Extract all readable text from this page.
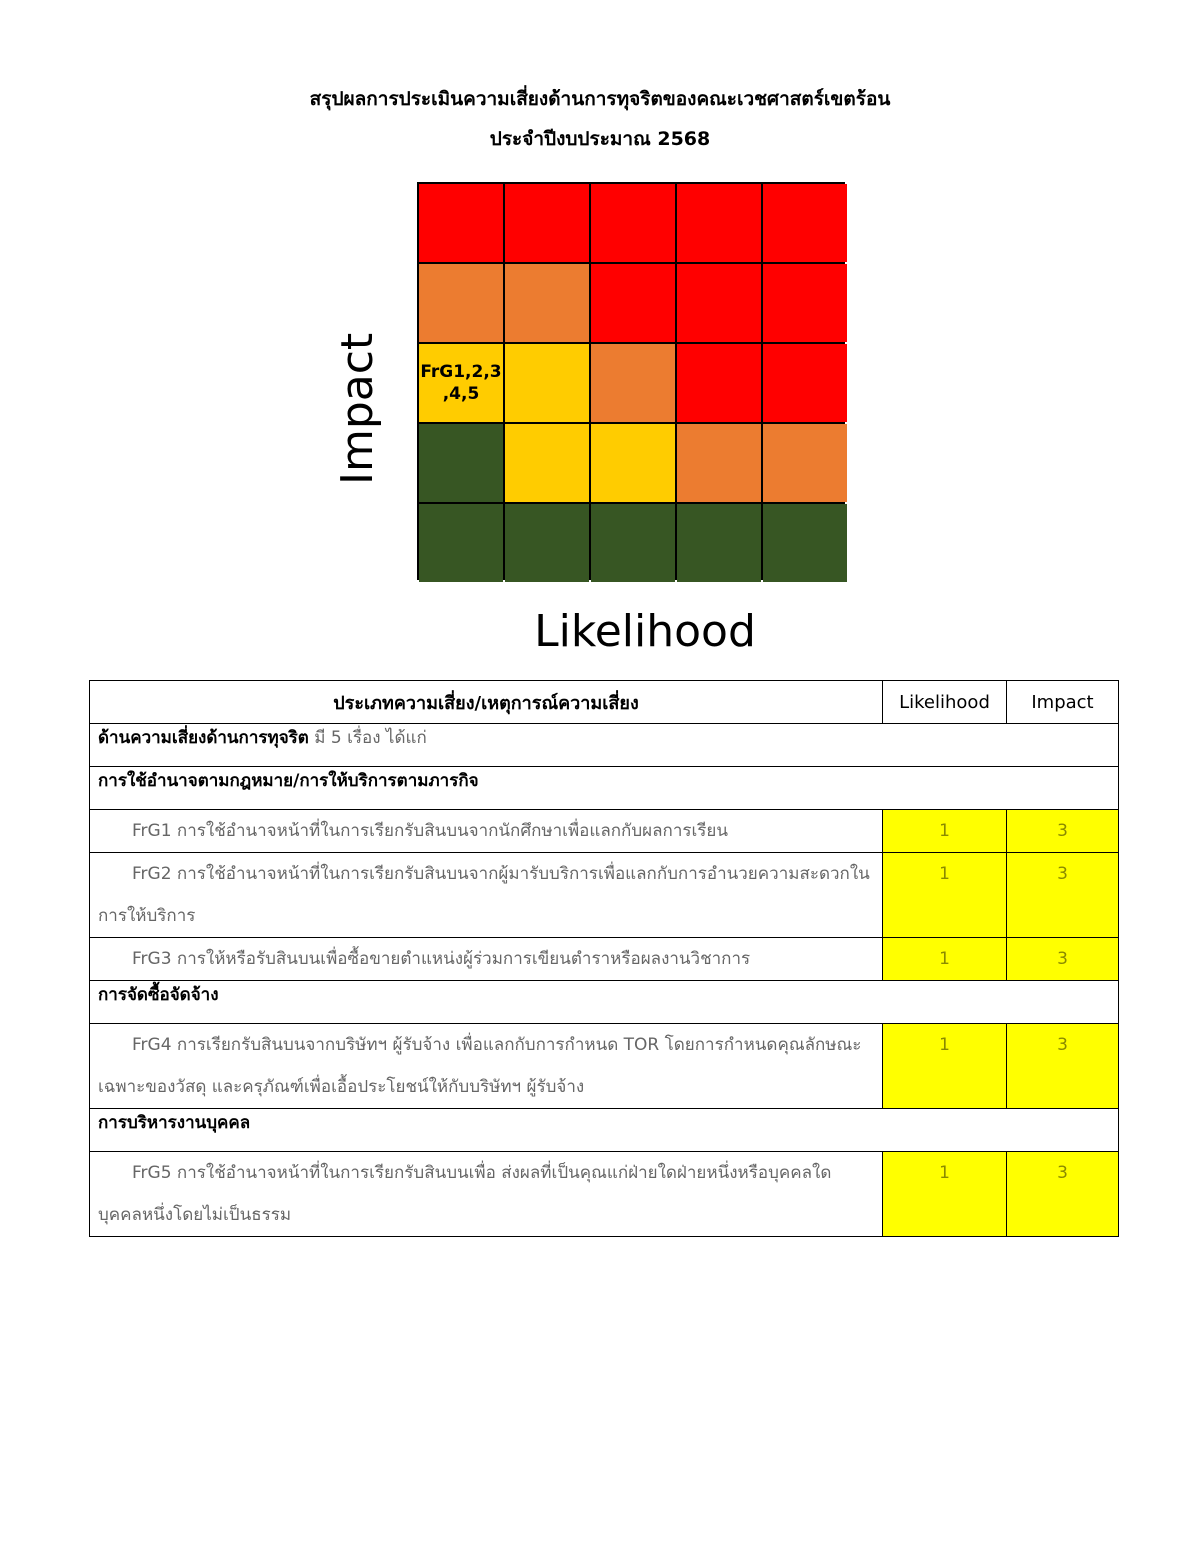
สรุปผลการประเมินความเสี่ยงด้านการทุจริตของคณะเวชศาสตร์เขตร้อน
ประจำปีงบประมาณ 2568
Impact FrG1,2,3
,4,5
Likelihood
ประเภทความเสี่ยง/เหตุการณ์ความเสี่ยง	Likelihood	Impact
ด้านความเสี่ยงด้านการทุจริต มี 5 เรื่อง ได้แก่		
การใช้อำนาจตามกฎหมาย/การให้บริการตามภารกิจ		

FrG1 การใช้อำนาจหน้าที่ในการเรียกรับสินบนจากนักศึกษาเพื่อแลกกับผลการเรียน	1	3

FrG2 การใช้อำนาจหน้าที่ในการเรียกรับสินบนจากผู้มารับบริการเพื่อแลกกับการอำนวยความสะดวกในการให้บริการ	1	3

FrG3 การให้หรือรับสินบนเพื่อซื้อขายตำแหน่งผู้ร่วมการเขียนตำราหรือผลงานวิชาการ	1	3
การจัดซื้อจัดจ้าง		

FrG4 การเรียกรับสินบนจากบริษัทฯ ผู้รับจ้าง เพื่อแลกกับการกำหนด TOR โดยการกำหนดคุณลักษณะเฉพาะของวัสดุ และครุภัณฑ์เพื่อเอื้อประโยชน์ให้กับบริษัทฯ ผู้รับจ้าง	1	3
การบริหารงานบุคคล		

FrG5 การใช้อำนาจหน้าที่ในการเรียกรับสินบนเพื่อ ส่งผลที่เป็นคุณแก่ฝ่ายใดฝ่ายหนึ่งหรือบุคคลใดบุคคลหนึ่งโดยไม่เป็นธรรม	1	3
